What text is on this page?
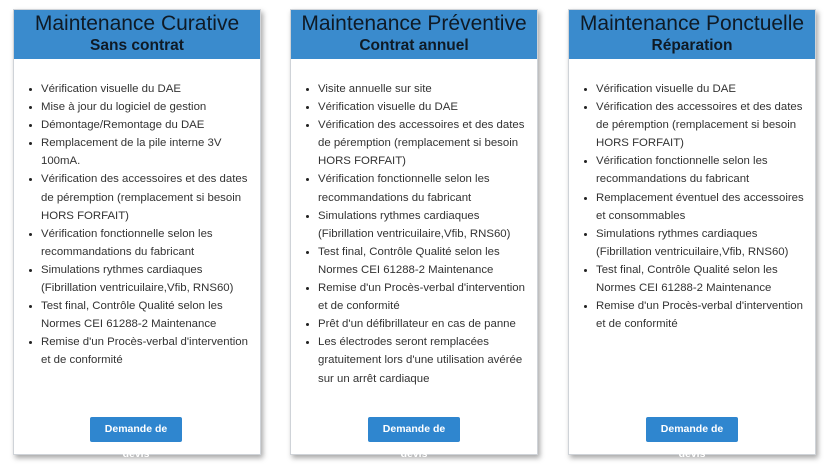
Maintenance Curative
Sans contrat
• Vérification visuelle du DAE
• Mise à jour du logiciel de gestion
• Démontage/Remontage du DAE
• Remplacement de la pile interne 3V 100mA.
• Vérification des accessoires et des dates de péremption (remplacement si besoin HORS FORFAIT)
• Vérification fonctionnelle selon les recommandations du fabricant
• Simulations rythmes cardiaques (Fibrillation ventricuilaire,Vfib, RNS60)
• Test final, Contrôle Qualité selon les Normes CEI 61288-2 Maintenance
• Remise d'un Procès-verbal d'intervention et de conformité
Demande de devis
Maintenance Préventive
Contrat annuel
• Visite annuelle sur site
• Vérification visuelle du DAE
• Vérification des accessoires et des dates de péremption (remplacement si besoin HORS FORFAIT)
• Vérification fonctionnelle selon les recommandations du fabricant
• Simulations rythmes cardiaques (Fibrillation ventricuilaire,Vfib, RNS60)
• Test final, Contrôle Qualité selon les Normes CEI 61288-2 Maintenance
• Remise d'un Procès-verbal d'intervention et de conformité
• Prêt d'un défibrillateur en cas de panne
• Les électrodes seront remplacées gratuitement lors d'une utilisation avérée sur un arrêt cardiaque
Demande de devis
Maintenance Ponctuelle
Réparation
• Vérification visuelle du DAE
• Vérification des accessoires et des dates de péremption (remplacement si besoin HORS FORFAIT)
• Vérification fonctionnelle selon les recommandations du fabricant
• Remplacement éventuel des accessoires et consommables
• Simulations rythmes cardiaques (Fibrillation ventricuilaire,Vfib, RNS60)
• Test final, Contrôle Qualité selon les Normes CEI 61288-2 Maintenance
• Remise d'un Procès-verbal d'intervention et de conformité
Demande de devis
